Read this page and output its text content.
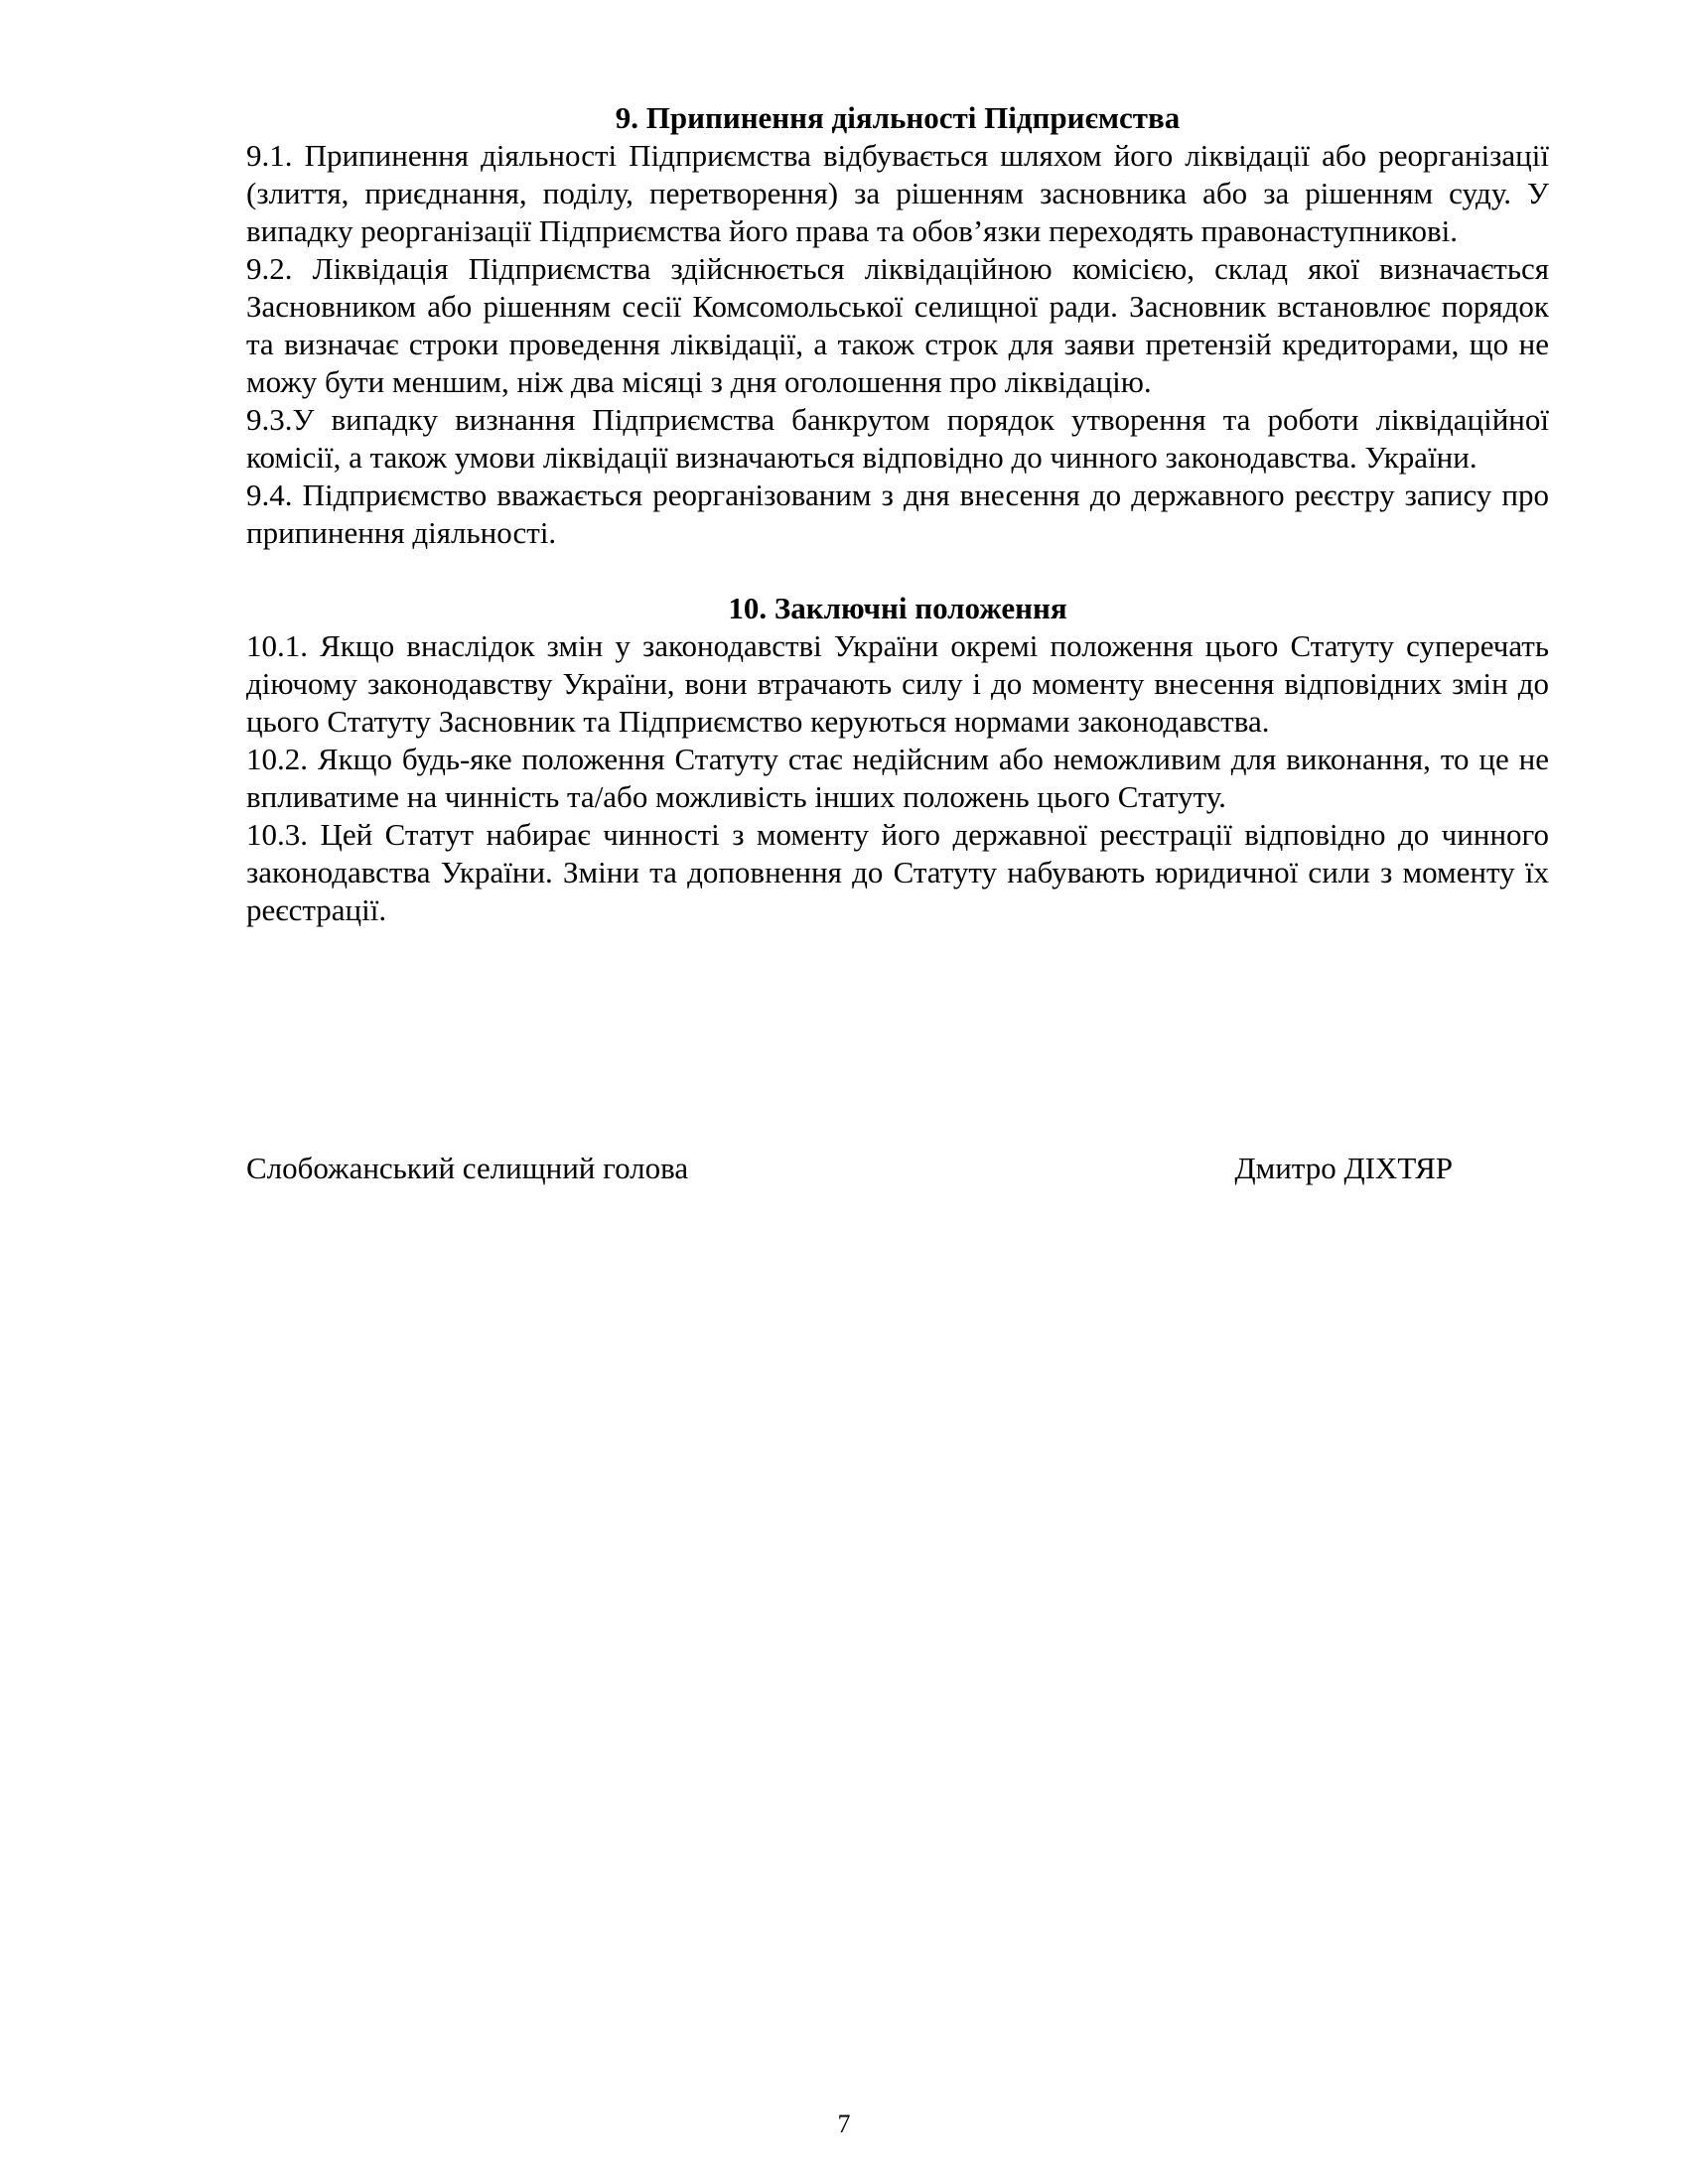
9. Припинення діяльності Підприємства

9.1. Припинення діяльності Підприємства відбувається шляхом його ліквідації або реорганізації (злиття, приєднання, поділу, перетворення) за рішенням засновника або за рішенням суду. У випадку реорганізації Підприємства його права та обов’язки переходять правонаступникові.

9.2. Ліквідація Підприємства здійснюється ліквідаційною комісією, склад якої визначається Засновником або рішенням сесії Комсомольської селищної ради. Засновник встановлює порядок та визначає строки проведення ліквідації, а також строк для заяви претензій кредиторами, що не можу бути меншим, ніж два місяці з дня оголошення про ліквідацію.

9.3.У випадку визнання Підприємства банкрутом порядок утворення та роботи ліквідаційної комісії, а також умови ліквідації визначаються відповідно до чинного законодавства. України.

9.4. Підприємство вважається реорганізованим з дня внесення до державного реєстру запису про припинення діяльності.

10. Заключні положення

10.1. Якщо внаслідок змін у законодавстві України окремі положення цього Статуту суперечать діючому законодавству України, вони втрачають силу і до моменту внесення відповідних змін до цього Статуту Засновник та Підприємство керуються нормами законодавства.

10.2. Якщо будь-яке положення Статуту стає недійсним або неможливим для виконання, то це не впливатиме на чинність та/або можливість інших положень цього Статуту.

10.3. Цей Статут набирає чинності з моменту його державної реєстрації відповідно до чинного законодавства України. Зміни та доповнення до Статуту набувають юридичної сили з моменту їх реєстрації.

Слобожанський селищний голова	Дмитро ДІХТЯР
7
